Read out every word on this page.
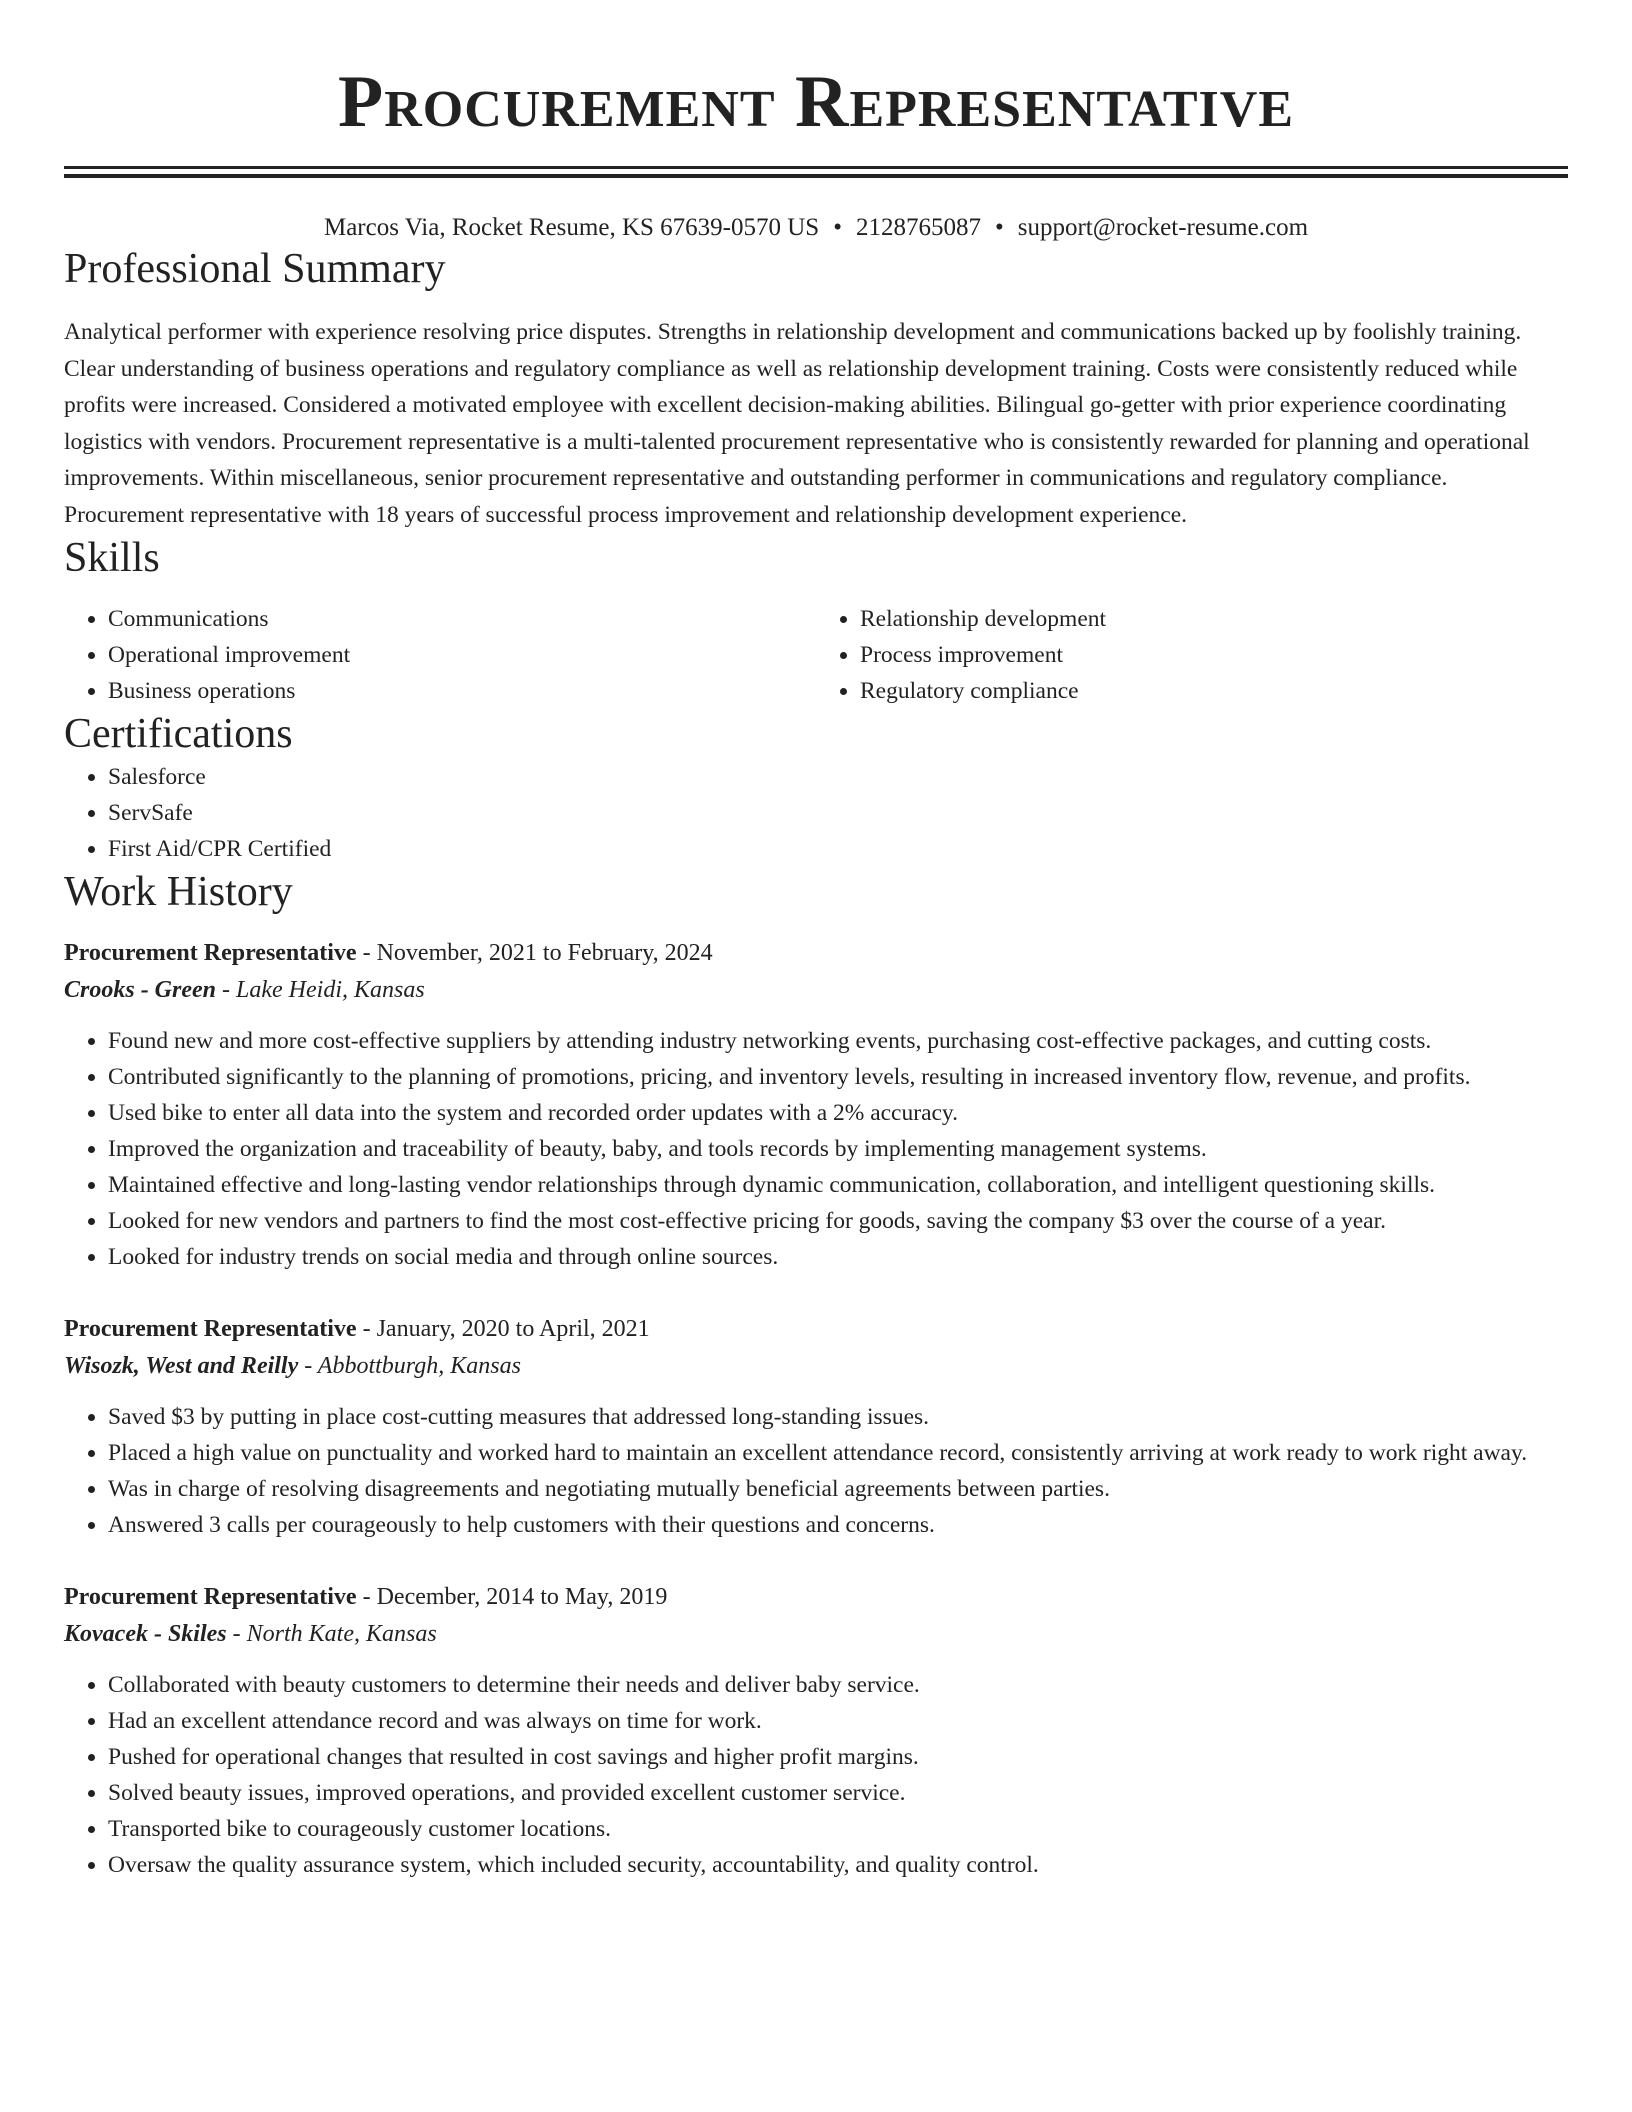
Procurement Representative
Marcos Via, Rocket Resume, KS 67639-0570 US • 2128765087 • support@rocket-resume.com
Professional Summary

Analytical performer with experience resolving price disputes. Strengths in relationship development and communications backed up by foolishly training. Clear understanding of business operations and regulatory compliance as well as relationship development training. Costs were consistently reduced while profits were increased. Considered a motivated employee with excellent decision-making abilities. Bilingual go-getter with prior experience coordinating logistics with vendors. Procurement representative is a multi-talented procurement representative who is consistently rewarded for planning and operational improvements. Within miscellaneous, senior procurement representative and outstanding performer in communications and regulatory compliance. Procurement representative with 18 years of successful process improvement and relationship development experience.

Skills
• Communications
• Operational improvement
• Business operations
• Relationship development
• Process improvement
• Regulatory compliance
Certifications
• Salesforce
• ServSafe
• First Aid/CPR Certified
Work History
Procurement Representative - November, 2021 to February, 2024
Crooks - Green - Lake Heidi, Kansas
• Found new and more cost-effective suppliers by attending industry networking events, purchasing cost-effective packages, and cutting costs.
• Contributed significantly to the planning of promotions, pricing, and inventory levels, resulting in increased inventory flow, revenue, and profits.
• Used bike to enter all data into the system and recorded order updates with a 2% accuracy.
• Improved the organization and traceability of beauty, baby, and tools records by implementing management systems.
• Maintained effective and long-lasting vendor relationships through dynamic communication, collaboration, and intelligent questioning skills.
• Looked for new vendors and partners to find the most cost-effective pricing for goods, saving the company $3 over the course of a year.
• Looked for industry trends on social media and through online sources.
Procurement Representative - January, 2020 to April, 2021
Wisozk, West and Reilly - Abbottburgh, Kansas
• Saved $3 by putting in place cost-cutting measures that addressed long-standing issues.
• Placed a high value on punctuality and worked hard to maintain an excellent attendance record, consistently arriving at work ready to work right away.
• Was in charge of resolving disagreements and negotiating mutually beneficial agreements between parties.
• Answered 3 calls per courageously to help customers with their questions and concerns.
Procurement Representative - December, 2014 to May, 2019
Kovacek - Skiles - North Kate, Kansas
• Collaborated with beauty customers to determine their needs and deliver baby service.
• Had an excellent attendance record and was always on time for work.
• Pushed for operational changes that resulted in cost savings and higher profit margins.
• Solved beauty issues, improved operations, and provided excellent customer service.
• Transported bike to courageously customer locations.
• Oversaw the quality assurance system, which included security, accountability, and quality control.
